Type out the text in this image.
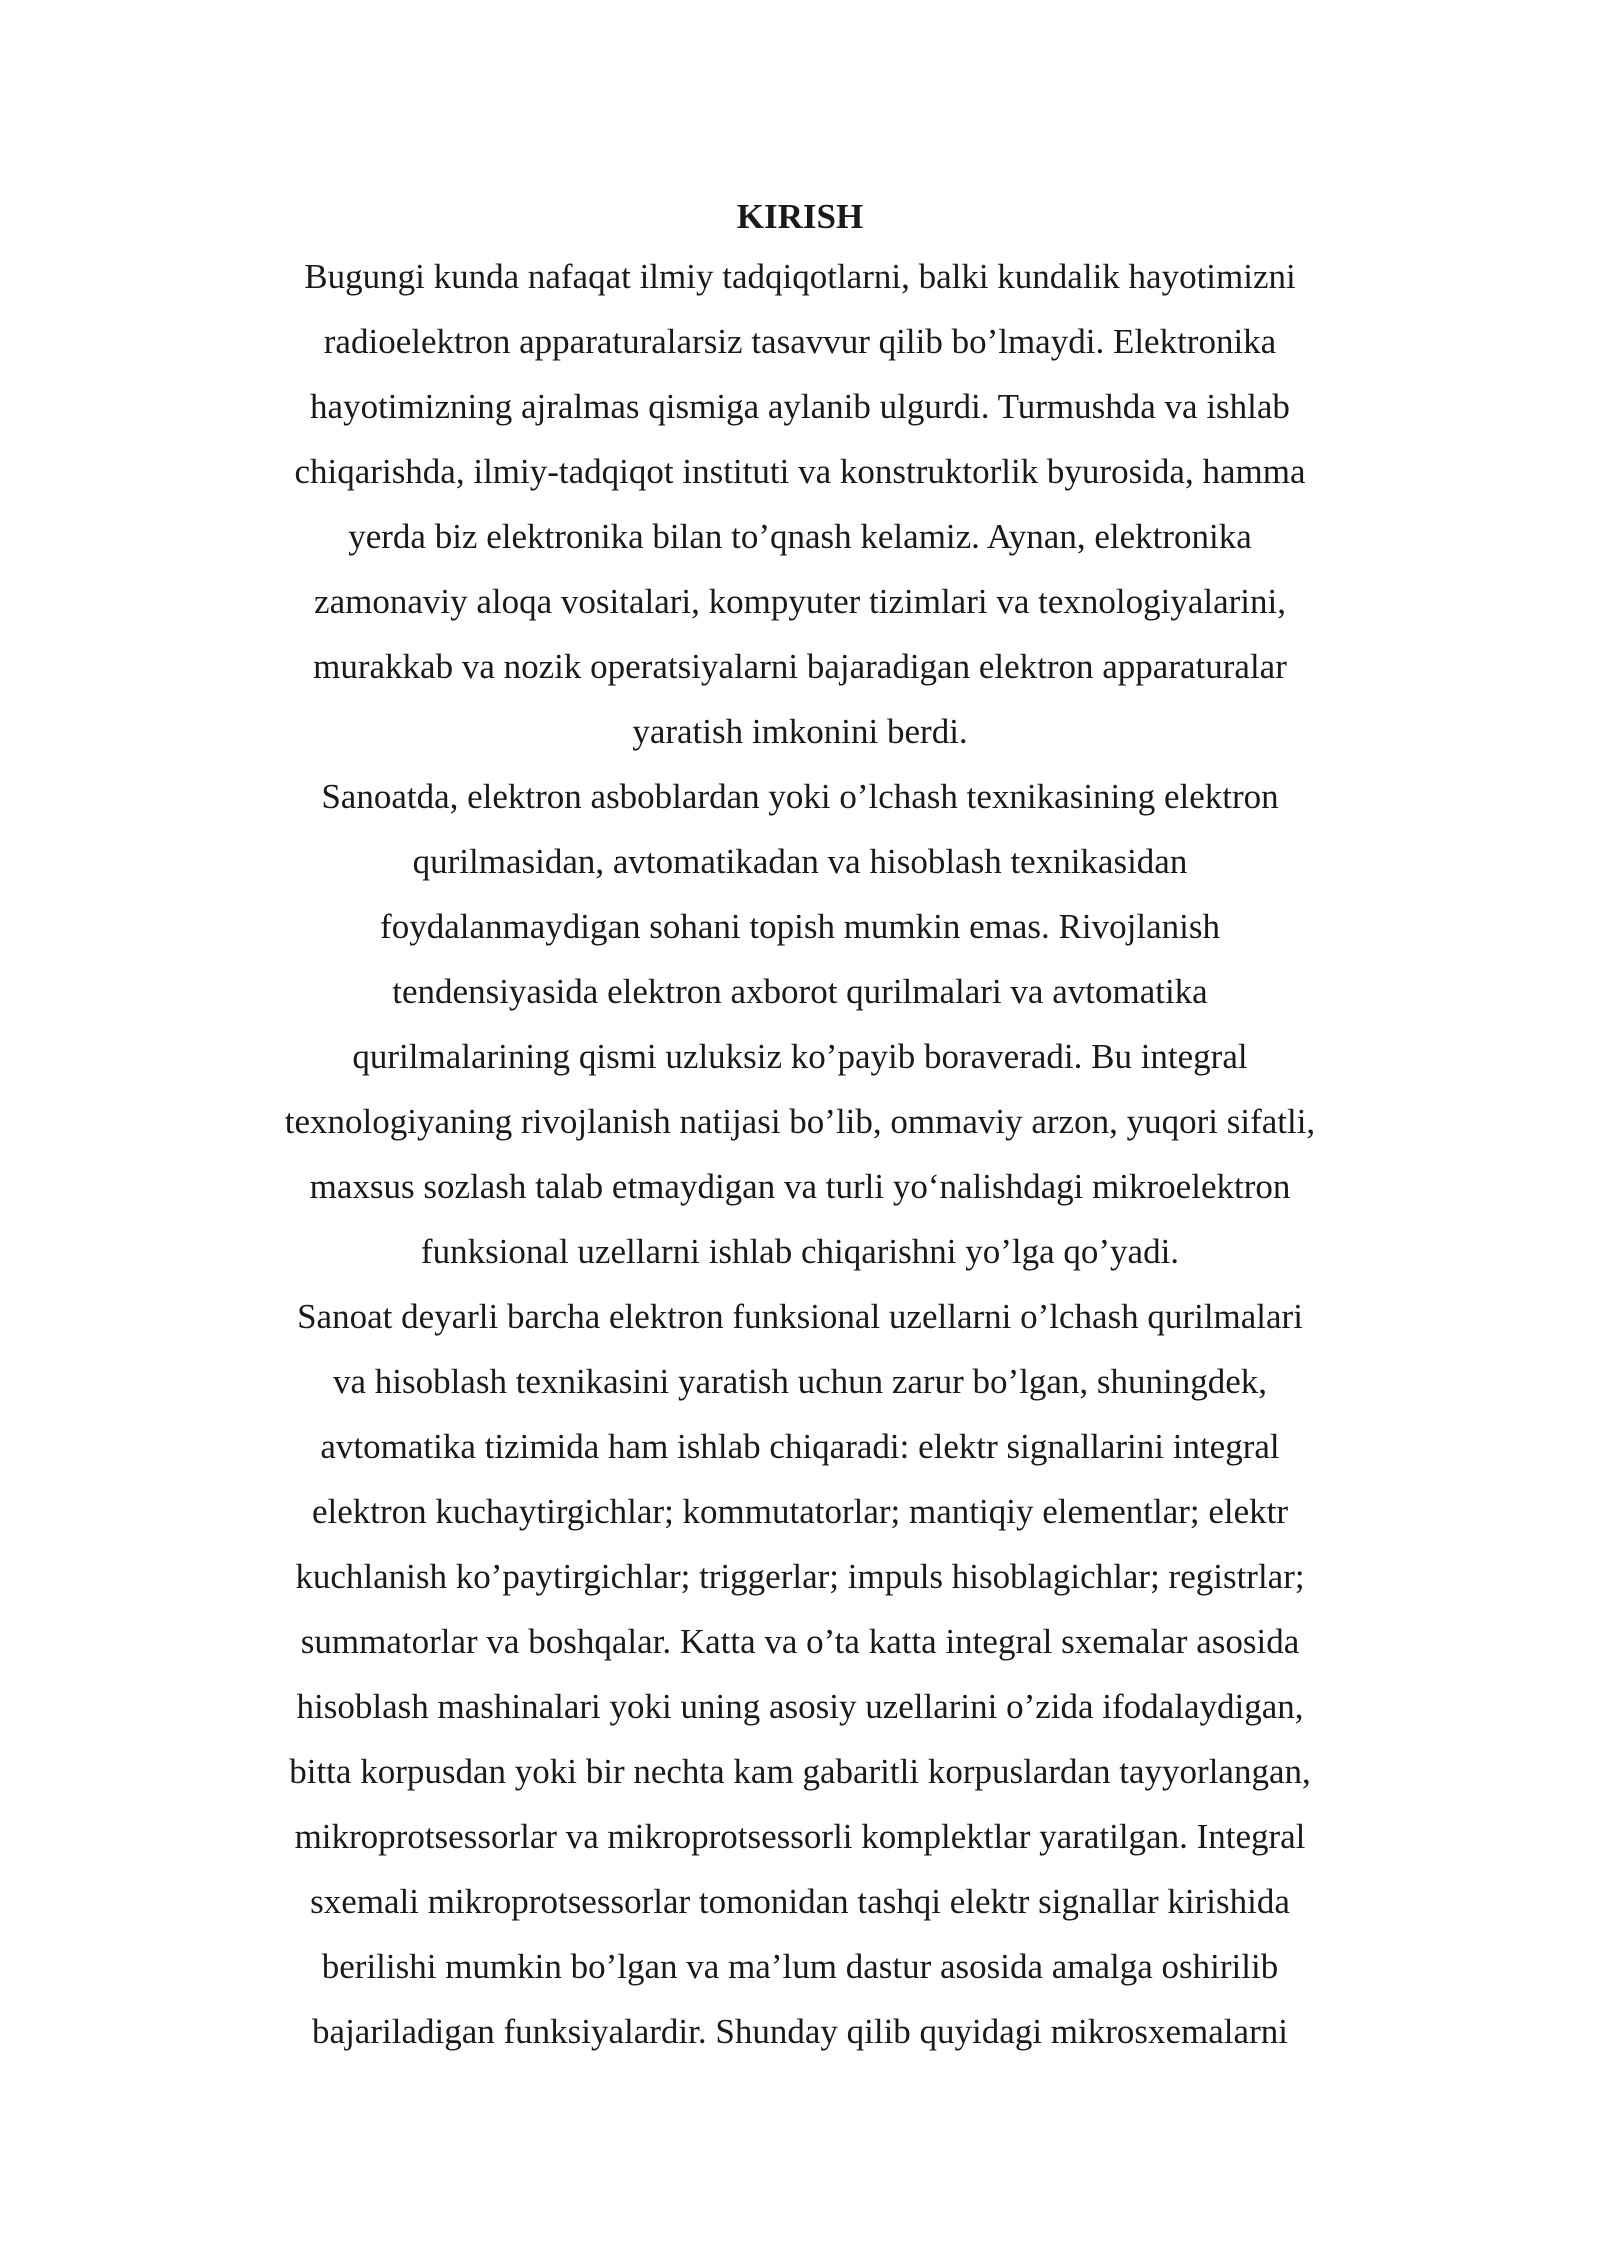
KIRISH
Bugungi kunda nafaqat ilmiy tadqiqotlarni, balki kundalik hayotimizni
radioelektron apparaturalarsiz tasavvur qilib bo’lmaydi. Elektronika
hayotimizning ajralmas qismiga aylanib ulgurdi. Turmushda va ishlab
chiqarishda, ilmiy-tadqiqot instituti va konstruktorlik byurosida, hamma
yerda biz elektronika bilan to’qnash kelamiz. Aynan, elektronika
zamonaviy aloqa vositalari, kompyuter tizimlari va texnologiyalarini,
murakkab va nozik operatsiyalarni bajaradigan elektron apparaturalar
yaratish imkonini berdi.
Sanoatda, elektron asboblardan yoki o’lchash texnikasining elektron
qurilmasidan, avtomatikadan va hisoblash texnikasidan
foydalanmaydigan sohani topish mumkin emas. Rivojlanish
tendensiyasida elektron axborot qurilmalari va avtomatika
qurilmalarining qismi uzluksiz ko’payib boraveradi. Bu integral
texnologiyaning rivojlanish natijasi bo’lib, ommaviy arzon, yuqori sifatli,
maxsus sozlash talab etmaydigan va turli yo‘nalishdagi mikroelektron
funksional uzellarni ishlab chiqarishni yo’lga qo’yadi.
Sanoat deyarli barcha elektron funksional uzellarni o’lchash qurilmalari
va hisoblash texnikasini yaratish uchun zarur bo’lgan, shuningdek,
avtomatika tizimida ham ishlab chiqaradi: elektr signallarini integral
elektron kuchaytirgichlar; kommutatorlar; mantiqiy elementlar; elektr
kuchlanish ko’paytirgichlar; triggerlar; impuls hisoblagichlar; registrlar;
summatorlar va boshqalar. Katta va o’ta katta integral sxemalar asosida
hisoblash mashinalari yoki uning asosiy uzellarini o’zida ifodalaydigan,
bitta korpusdan yoki bir nechta kam gabaritli korpuslardan tayyorlangan,
mikroprotsessorlar va mikroprotsessorli komplektlar yaratilgan. Integral
sxemali mikroprotsessorlar tomonidan tashqi elektr signallar kirishida
berilishi mumkin bo’lgan va ma’lum dastur asosida amalga oshirilib
bajariladigan funksiyalardir. Shunday qilib quyidagi mikrosxemalarni
